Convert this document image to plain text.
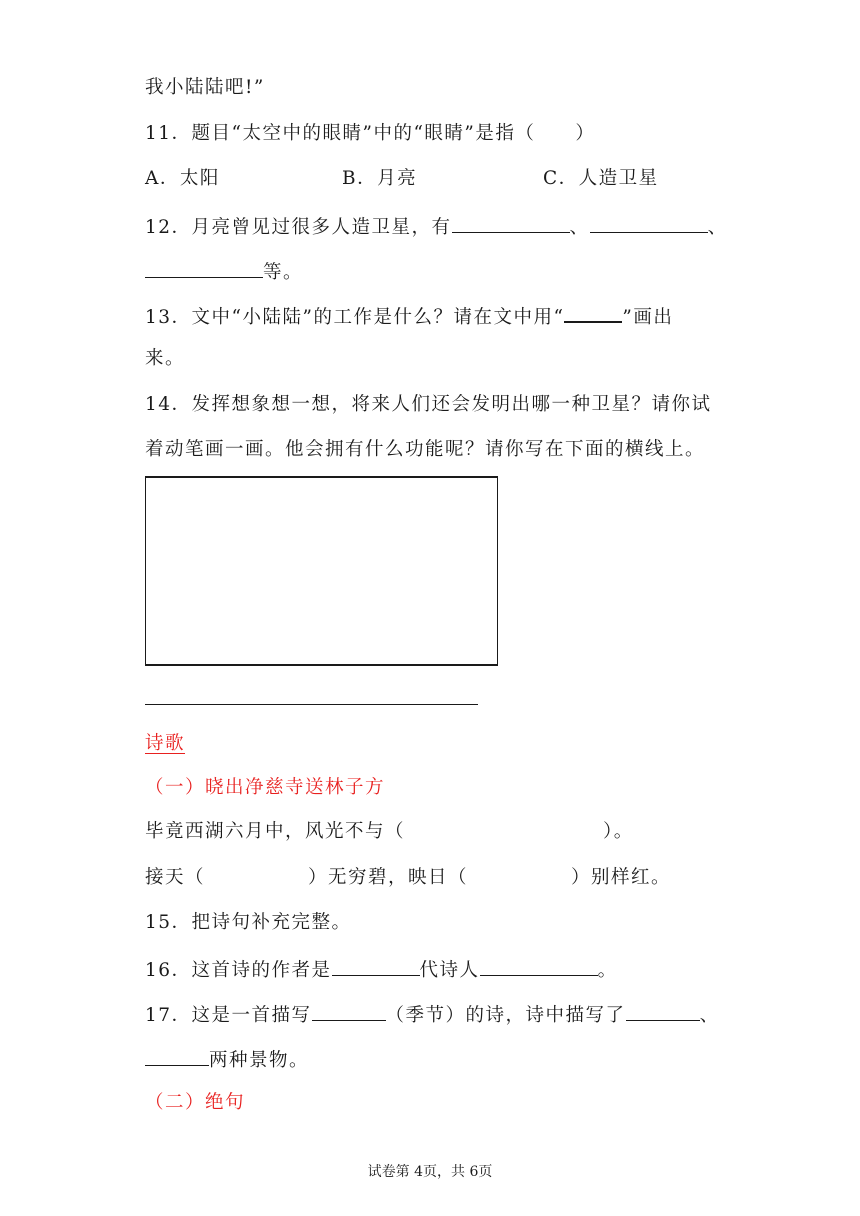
我小陆陆吧!”
11．题目“太空中的眼睛”中的“眼睛”是指（　　）
A．太阳	B．月亮	C．人造卫星
12．月亮曾见过很多人造卫星，有	、	、
等。
13．文中“小陆陆”的工作是什么？请在文中用“	”画出
来。
14．发挥想象想一想，将来人们还会发明出哪一种卫星？请你试
着动笔画一画。他会拥有什么功能呢？请你写在下面的横线上。
诗歌
（一）晓出净慈寺送林子方
毕竟西湖六月中，风光不与（	）。
接天（	）无穷碧，映日（	）别样红。
15．把诗句补充完整。
16．这首诗的作者是	代诗人	。
17．这是一首描写	（季节）的诗，诗中描写了	、
两种景物。
（二）绝句
试卷第 4页，共 6页
